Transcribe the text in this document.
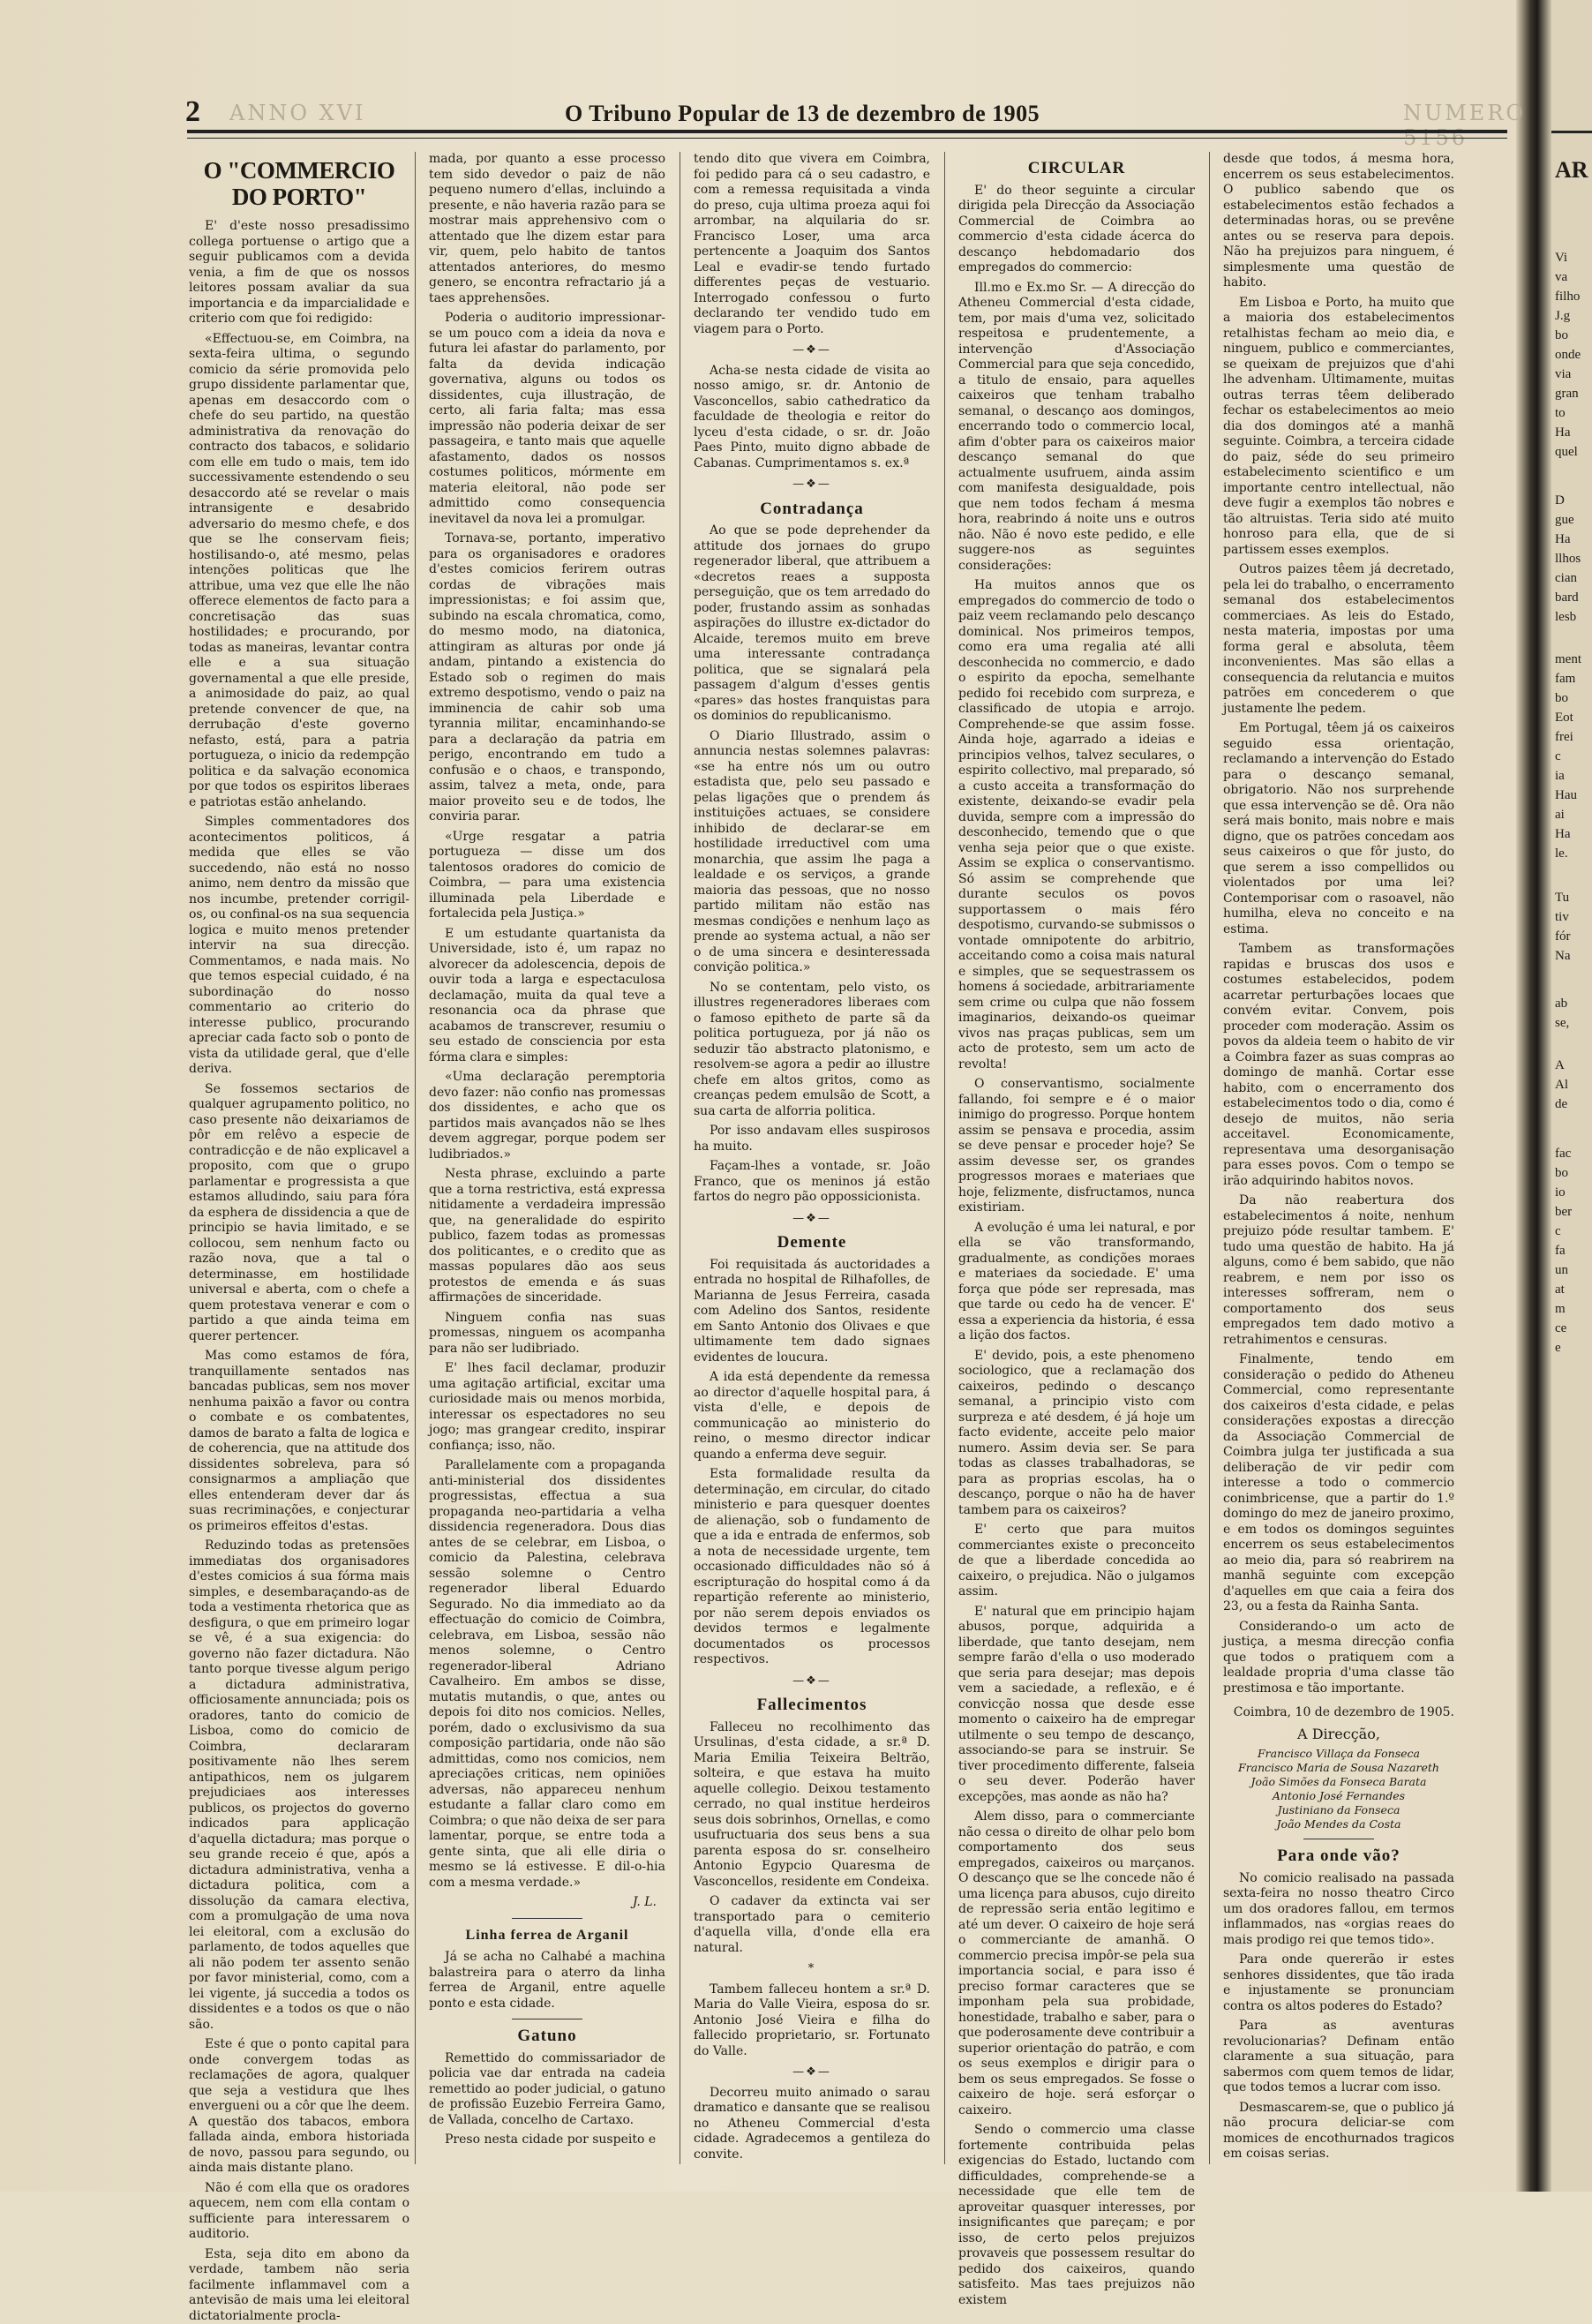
AR
Vi
va
filho
J.g
bo
onde
via
gran
to
Ha
quel
D
gue
Ha
llhos
cian
bard
lesb
ment
fam
bo
Eot
frei
c
ia
Hau
ai
Ha
le.
Tu
tiv
fór
Na
ab
se,
A
Al
de
fac
bo
io
ber
c
fa
un
at
m
ce
e
2 ANNO XVI	O Tribuno Popular de 13 de dezembro de 1905	NUMERO 5156
O "COMMERCIO DO PORTO"

E' d'este nosso presadissimo collega portuense o artigo que a seguir publicamos com a devida venia, a fim de que os nossos leitores possam avaliar da sua importancia e da imparcialidade e criterio com que foi redigido:

«Effectuou-se, em Coimbra, na sexta-feira ultima, o segundo comicio da série promovida pelo grupo dissidente parlamentar que, apenas em desaccordo com o chefe do seu partido, na questão administrativa da renovação do contracto dos tabacos, e solidario com elle em tudo o mais, tem ido successivamente estendendo o seu desaccordo até se revelar o mais intransigente e desabrido adversario do mesmo chefe, e dos que se lhe conservam fieis; hostilisando-o, até mesmo, pelas intenções politicas que lhe attribue, uma vez que elle lhe não offerece elementos de facto para a concretisação das suas hostilidades; e procurando, por todas as maneiras, levantar contra elle e a sua situação governamental a que elle preside, a animosidade do paiz, ao qual pretende convencer de que, na derrubação d'este governo nefasto, está, para a patria portugueza, o inicio da redempção politica e da salvação economica por que todos os espiritos liberaes e patriotas estão anhelando.

Simples commentadores dos acontecimentos politicos, á medida que elles se vão succedendo, não está no nosso animo, nem dentro da missão que nos incumbe, pretender corrigil-os, ou confinal-os na sua sequencia logica e muito menos pretender intervir na sua direcção. Commentamos, e nada mais. No que temos especial cuidado, é na subordinação do nosso commentario ao criterio do interesse publico, procurando apreciar cada facto sob o ponto de vista da utilidade geral, que d'elle deriva.

Se fossemos sectarios de qualquer agrupamento politico, no caso presente não deixariamos de pôr em relêvo a especie de contradicção e de não explicavel a proposito, com que o grupo parlamentar e progressista a que estamos alludindo, saiu para fóra da esphera de dissidencia a que de principio se havia limitado, e se collocou, sem nenhum facto ou razão nova, que a tal o determinasse, em hostilidade universal e aberta, com o chefe a quem protestava venerar e com o partido a que ainda teima em querer pertencer.

Mas como estamos de fóra, tranquillamente sentados nas bancadas publicas, sem nos mover nenhuma paixão a favor ou contra o combate e os combatentes, damos de barato a falta de logica e de coherencia, que na attitude dos dissidentes sobreleva, para só consignarmos a ampliação que elles entenderam dever dar ás suas recriminações, e conjecturar os primeiros effeitos d'estas.

Reduzindo todas as pretensões immediatas dos organisadores d'estes comicios á sua fórma mais simples, e desembaraçando-as de toda a vestimenta rhetorica que as desfigura, o que em primeiro logar se vê, é a sua exigencia: do governo não fazer dictadura. Não tanto porque tivesse algum perigo a dictadura administrativa, officiosamente annunciada; pois os oradores, tanto do comicio de Lisboa, como do comicio de Coimbra, declararam positivamente não lhes serem antipathicos, nem os julgarem prejudiciaes aos interesses publicos, os projectos do governo indicados para applicação d'aquella dictadura; mas porque o seu grande receio é que, após a dictadura administrativa, venha a dictadura politica, com a dissolução da camara electiva, com a promulgação de uma nova lei eleitoral, com a exclusão do parlamento, de todos aquelles que ali não podem ter assento senão por favor ministerial, como, com a lei vigente, já succedia a todos os dissidentes e a todos os que o não são.

Este é que o ponto capital para onde convergem todas as reclamações de agora, qualquer que seja a vestidura que lhes envergueni ou a côr que lhe deem. A questão dos tabacos, embora fallada ainda, embora historiada de novo, passou para segundo, ou ainda mais distante plano.

Não é com ella que os oradores aquecem, nem com ella contam o sufficiente para interessarem o auditorio.

Esta, seja dito em abono da verdade, tambem não seria facilmente inflammavel com a antevisão de mais uma lei eleitoral dictatorialmente procla-

mada, por quanto a esse processo tem sido devedor o paiz de não pequeno numero d'ellas, incluindo a presente, e não haveria razão para se mostrar mais apprehensivo com o attentado que lhe dizem estar para vir, quem, pelo habito de tantos attentados anteriores, do mesmo genero, se encontra refractario já a taes apprehensões.

Poderia o auditorio impressionar-se um pouco com a ideia da nova e futura lei afastar do parlamento, por falta da devida indicação governativa, alguns ou todos os dissidentes, cuja illustração, de certo, ali faria falta; mas essa impressão não poderia deixar de ser passageira, e tanto mais que aquelle afastamento, dados os nossos costumes politicos, mórmente em materia eleitoral, não pode ser admittido como consequencia inevitavel da nova lei a promulgar.

Tornava-se, portanto, imperativo para os organisadores e oradores d'estes comicios ferirem outras cordas de vibrações mais impressionistas; e foi assim que, subindo na escala chromatica, como, do mesmo modo, na diatonica, attingiram as alturas por onde já andam, pintando a existencia do Estado sob o regimen do mais extremo despotismo, vendo o paiz na imminencia de cahir sob uma tyrannia militar, encaminhando-se para a declaração da patria em perigo, encontrando em tudo a confusão e o chaos, e transpondo, assim, talvez a meta, onde, para maior proveito seu e de todos, lhe conviria parar.

«Urge resgatar a patria portugueza — disse um dos talentosos oradores do comicio de Coimbra, — para uma existencia illuminada pela Liberdade e fortalecida pela Justiça.»

E um estudante quartanista da Universidade, isto é, um rapaz no alvorecer da adolescencia, depois de ouvir toda a larga e espectaculosa declamação, muita da qual teve a resonancia oca da phrase que acabamos de transcrever, resumiu o seu estado de consciencia por esta fórma clara e simples:

«Uma declaração peremptoria devo fazer: não confio nas promessas dos dissidentes, e acho que os partidos mais avançados não se lhes devem aggregar, porque podem ser ludibriados.»

Nesta phrase, excluindo a parte que a torna restrictiva, está expressa nitidamente a verdadeira impressão que, na generalidade do espirito publico, fazem todas as promessas dos politicantes, e o credito que as massas populares dão aos seus protestos de emenda e ás suas affirmações de sinceridade.

Ninguem confia nas suas promessas, ninguem os acompanha para não ser ludibriado.

E' lhes facil declamar, produzir uma agitação artificial, excitar uma curiosidade mais ou menos morbida, interessar os espectadores no seu jogo; mas grangear credito, inspirar confiança; isso, não.

Parallelamente com a propaganda anti-ministerial dos dissidentes progressistas, effectua a sua propaganda neo-partidaria a velha dissidencia regeneradora. Dous dias antes de se celebrar, em Lisboa, o comicio da Palestina, celebrava sessão solemne o Centro regenerador liberal Eduardo Segurado. No dia immediato ao da effectuação do comicio de Coimbra, celebrava, em Lisboa, sessão não menos solemne, o Centro regenerador-liberal Adriano Cavalheiro. Em ambos se disse, mutatis mutandis, o que, antes ou depois foi dito nos comicios. Nelles, porém, dado o exclusivismo da sua composição partidaria, onde não são admittidas, como nos comicios, nem apreciações criticas, nem opiniões adversas, não appareceu nenhum estudante a fallar claro como em Coimbra; o que não deixa de ser para lamentar, porque, se entre toda a gente sinta, que ali elle diria o mesmo se lá estivesse. E dil-o-hia com a mesma verdade.»

J. L.
Linha ferrea de Arganil

Já se acha no Calhabé a machina balastreira para o aterro da linha ferrea de Arganil, entre aquelle ponto e esta cidade.

Gatuno

Remettido do commissariador de policia vae dar entrada na cadeia remettido ao poder judicial, o gatuno de profissão Euzebio Ferreira Gamo, de Vallada, concelho de Cartaxo.

Preso nesta cidade por suspeito e

tendo dito que vivera em Coimbra, foi pedido para cá o seu cadastro, e com a remessa requisitada a vinda do preso, cuja ultima proeza aqui foi arrombar, na alquilaria do sr. Francisco Loser, uma arca pertencente a Joaquim dos Santos Leal e evadir-se tendo furtado differentes peças de vestuario. Interrogado confessou o furto declarando ter vendido tudo em viagem para o Porto.

—❖—

Acha-se nesta cidade de visita ao nosso amigo, sr. dr. Antonio de Vasconcellos, sabio cathedratico da faculdade de theologia e reitor do lyceu d'esta cidade, o sr. dr. João Paes Pinto, muito digno abbade de Cabanas. Cumprimentamos s. ex.ª

—❖—
Contradança

Ao que se pode deprehender da attitude dos jornaes do grupo regenerador liberal, que attribuem a «decretos reaes a supposta perseguição, que os tem arredado do poder, frustando assim as sonhadas aspirações do illustre ex-dictador do Alcaide, teremos muito em breve uma interessante contradança politica, que se signalará pela passagem d'algum d'esses gentis «pares» das hostes franquistas para os dominios do republicanismo.

O Diario Illustrado, assim o annuncia nestas solemnes palavras: «se ha entre nós um ou outro estadista que, pelo seu passado e pelas ligações que o prendem ás instituições actuaes, se considere inhibido de declarar-se em hostilidade irreductivel com uma monarchia, que assim lhe paga a lealdade e os serviços, a grande maioria das pessoas, que no nosso partido militam não estão nas mesmas condições e nenhum laço as prende ao systema actual, a não ser o de uma sincera e desinteressada convição politica.»

No se contentam, pelo visto, os illustres regeneradores liberaes com o famoso epitheto de parte sã da politica portugueza, por já não os seduzir tão abstracto platonismo, e resolvem-se agora a pedir ao illustre chefe em altos gritos, como as creanças pedem emulsão de Scott, a sua carta de alforria politica.

Por isso andavam elles suspirosos ha muito.

Façam-lhes a vontade, sr. João Franco, que os meninos já estão fartos do negro pão oppossicionista.

—❖—
Demente

Foi requisitada ás auctoridades a entrada no hospital de Rilhafolles, de Marianna de Jesus Ferreira, casada com Adelino dos Santos, residente em Santo Antonio dos Olivaes e que ultimamente tem dado signaes evidentes de loucura.

A ida está dependente da remessa ao director d'aquelle hospital para, á vista d'elle, e depois de communicação ao ministerio do reino, o mesmo director indicar quando a enferma deve seguir.

Esta formalidade resulta da determinação, em circular, do citado ministerio e para quesquer doentes de alienação, sob o fundamento de que a ida e entrada de enfermos, sob a nota de necessidade urgente, tem occasionado difficuldades não só á escripturação do hospital como á da repartição referente ao ministerio, por não serem depois enviados os devidos termos e legalmente documentados os processos respectivos.

—❖—
Fallecimentos

Falleceu no recolhimento das Ursulinas, d'esta cidade, a sr.ª D. Maria Emilia Teixeira Beltrão, solteira, e que estava ha muito aquelle collegio. Deixou testamento cerrado, no qual institue herdeiros seus dois sobrinhos, Ornellas, e como usufructuaria dos seus bens a sua parenta esposa do sr. conselheiro Antonio Egypcio Quaresma de Vasconcellos, residente em Condeixa.

O cadaver da extincta vai ser transportado para o cemiterio d'aquella villa, d'onde ella era natural.

*

Tambem falleceu hontem a sr.ª D. Maria do Valle Vieira, esposa do sr. Antonio José Vieira e filha do fallecido proprietario, sr. Fortunato do Valle.

—❖—

Decorreu muito animado o sarau dramatico e dansante que se realisou no Atheneu Commercial d'esta cidade. Agradecemos a gentileza do convite.

CIRCULAR

E' do theor seguinte a circular dirigida pela Direcção da Associação Commercial de Coimbra ao commercio d'esta cidade ácerca do descanço hebdomadario dos empregados do commercio:

Ill.mo e Ex.mo Sr. — A direcção do Atheneu Commercial d'esta cidade, tem, por mais d'uma vez, solicitado respeitosa e prudentemente, a intervenção d'Associação Commercial para que seja concedido, a titulo de ensaio, para aquelles caixeiros que tenham trabalho semanal, o descanço aos domingos, encerrando todo o commercio local, afim d'obter para os caixeiros maior descanço semanal do que actualmente usufruem, ainda assim com manifesta desigualdade, pois que nem todos fecham á mesma hora, reabrindo á noite uns e outros não. Não é novo este pedido, e elle suggere-nos as seguintes considerações:

Ha muitos annos que os empregados do commercio de todo o paiz veem reclamando pelo descanço dominical. Nos primeiros tempos, como era uma regalia até alli desconhecida no commercio, e dado o espirito da epocha, semelhante pedido foi recebido com surpreza, e classificado de utopia e arrojo. Comprehende-se que assim fosse. Ainda hoje, agarrado a ideias e principios velhos, talvez seculares, o espirito collectivo, mal preparado, só a custo acceita a transformação do existente, deixando-se evadir pela duvida, sempre com a impressão do desconhecido, temendo que o que venha seja peior que o que existe. Assim se explica o conservantismo. Só assim se comprehende que durante seculos os povos supportassem o mais féro despotismo, curvando-se submissos o vontade omnipotente do arbitrio, acceitando como a coisa mais natural e simples, que se sequestrassem os homens á sociedade, arbitrariamente sem crime ou culpa que não fossem imaginarios, deixando-os queimar vivos nas praças publicas, sem um acto de protesto, sem um acto de revolta!

O conservantismo, socialmente fallando, foi sempre e é o maior inimigo do progresso. Porque hontem assim se pensava e procedia, assim se deve pensar e proceder hoje? Se assim devesse ser, os grandes progressos moraes e materiaes que hoje, felizmente, disfructamos, nunca existiriam.

A evolução é uma lei natural, e por ella se vão transformando, gradualmente, as condições moraes e materiaes da sociedade. E' uma força que póde ser represada, mas que tarde ou cedo ha de vencer. E' essa a experiencia da historia, é essa a lição dos factos.

E' devido, pois, a este phenomeno sociologico, que a reclamação dos caixeiros, pedindo o descanço semanal, a principio visto com surpreza e até desdem, é já hoje um facto evidente, acceite pelo maior numero. Assim devia ser. Se para todas as classes trabalhadoras, se para as proprias escolas, ha o descanço, porque o não ha de haver tambem para os caixeiros?

E' certo que para muitos commerciantes existe o preconceito de que a liberdade concedida ao caixeiro, o prejudica. Não o julgamos assim.

E' natural que em principio hajam abusos, porque, adquirida a liberdade, que tanto desejam, nem sempre farão d'ella o uso moderado que seria para desejar; mas depois vem a saciedade, a reflexão, e é convicção nossa que desde esse momento o caixeiro ha de empregar utilmente o seu tempo de descanço, associando-se para se instruir. Se tiver procedimento differente, falseia o seu dever. Poderão haver excepções, mas aonde as não ha?

Alem disso, para o commerciante não cessa o direito de olhar pelo bom comportamento dos seus empregados, caixeiros ou marçanos. O descanço que se lhe concede não é uma licença para abusos, cujo direito de repressão seria então legitimo e até um dever. O caixeiro de hoje será o commerciante de amanhã. O commercio precisa impôr-se pela sua importancia social, e para isso é preciso formar caracteres que se imponham pela sua probidade, honestidade, trabalho e saber, para o que poderosamente deve contribuir a superior orientação do patrão, e com os seus exemplos e dirigir para o bem os seus empregados. Se fosse o caixeiro de hoje. será esforçar o caixeiro.

Sendo o commercio uma classe fortemente contribuida pelas exigencias do Estado, luctando com difficuldades, comprehende-se a necessidade que elle tem de aproveitar quasquer interesses, por insignificantes que pareçam; e por isso, de certo pelos prejuizos provaveis que possessem resultar do pedido dos caixeiros, quando satisfeito. Mas taes prejuizos não existem

desde que todos, á mesma hora, encerrem os seus estabelecimentos. O publico sabendo que os estabelecimentos estão fechados a determinadas horas, ou se prevêne antes ou se reserva para depois. Não ha prejuizos para ninguem, é simplesmente uma questão de habito.

Em Lisboa e Porto, ha muito que a maioria dos estabelecimentos retalhistas fecham ao meio dia, e ninguem, publico e commerciantes, se queixam de prejuizos que d'ahi lhe advenham. Ultimamente, muitas outras terras têem deliberado fechar os estabelecimentos ao meio dia dos domingos até a manhã seguinte. Coimbra, a terceira cidade do paiz, séde do seu primeiro estabelecimento scientifico e um importante centro intellectual, não deve fugir a exemplos tão nobres e tão altruistas. Teria sido até muito honroso para ella, que de si partissem esses exemplos.

Outros paizes têem já decretado, pela lei do trabalho, o encerramento semanal dos estabelecimentos commerciaes. As leis do Estado, nesta materia, impostas por uma forma geral e absoluta, têem inconvenientes. Mas são ellas a consequencia da relutancia e muitos patrões em concederem o que justamente lhe pedem.

Em Portugal, têem já os caixeiros seguido essa orientação, reclamando a intervenção do Estado para o descanço semanal, obrigatorio. Não nos surprehende que essa intervenção se dê. Ora não será mais bonito, mais nobre e mais digno, que os patrões concedam aos seus caixeiros o que fôr justo, do que serem a isso compellidos ou violentados por uma lei? Contemporisar com o rasoavel, não humilha, eleva no conceito e na estima.

Tambem as transformações rapidas e bruscas dos usos e costumes estabelecidos, podem acarretar perturbações locaes que convém evitar. Convem, pois proceder com moderação. Assim os povos da aldeia teem o habito de vir a Coimbra fazer as suas compras ao domingo de manhã. Cortar esse habito, com o encerramento dos estabelecimentos todo o dia, como é desejo de muitos, não seria acceitavel. Economicamente, representava uma desorganisação para esses povos. Com o tempo se irão adquirindo habitos novos.

Da não reabertura dos estabelecimentos á noite, nenhum prejuizo póde resultar tambem. E' tudo uma questão de habito. Ha já alguns, como é bem sabido, que não reabrem, e nem por isso os interesses soffreram, nem o comportamento dos seus empregados tem dado motivo a retrahimentos e censuras.

Finalmente, tendo em consideração o pedido do Atheneu Commercial, como representante dos caixeiros d'esta cidade, e pelas considerações expostas a direcção da Associação Commercial de Coimbra julga ter justificada a sua deliberação de vir pedir com interesse a todo o commercio conimbricense, que a partir do 1.º domingo do mez de janeiro proximo, e em todos os domingos seguintes encerrem os seus estabelecimentos ao meio dia, para só reabrirem na manhã seguinte com excepção d'aquelles em que caia a feira dos 23, ou a festa da Rainha Santa.

Considerando-o um acto de justiça, a mesma direcção confia que todos o pratiquem com a lealdade propria d'uma classe tão prestimosa e tão importante.

Coimbra, 10 de dezembro de 1905.
A Direcção,
Francisco Villaça da Fonseca
Francisco Maria de Sousa Nazareth
João Simões da Fonseca Barata
Antonio José Fernandes
Justiniano da Fonseca
João Mendes da Costa
Para onde vão?

No comicio realisado na passada sexta-feira no nosso theatro Circo um dos oradores fallou, em termos inflammados, nas «orgias reaes do mais prodigo rei que temos tido».

Para onde quererão ir estes senhores dissidentes, que tão irada e injustamente se pronunciam contra os altos poderes do Estado?

Para as aventuras revolucionarias? Definam então claramente a sua situação, para sabermos com quem temos de lidar, que todos temos a lucrar com isso.

Desmascarem-se, que o publico já não procura deliciar-se com momices de encothurnados tragicos em coisas serias.
